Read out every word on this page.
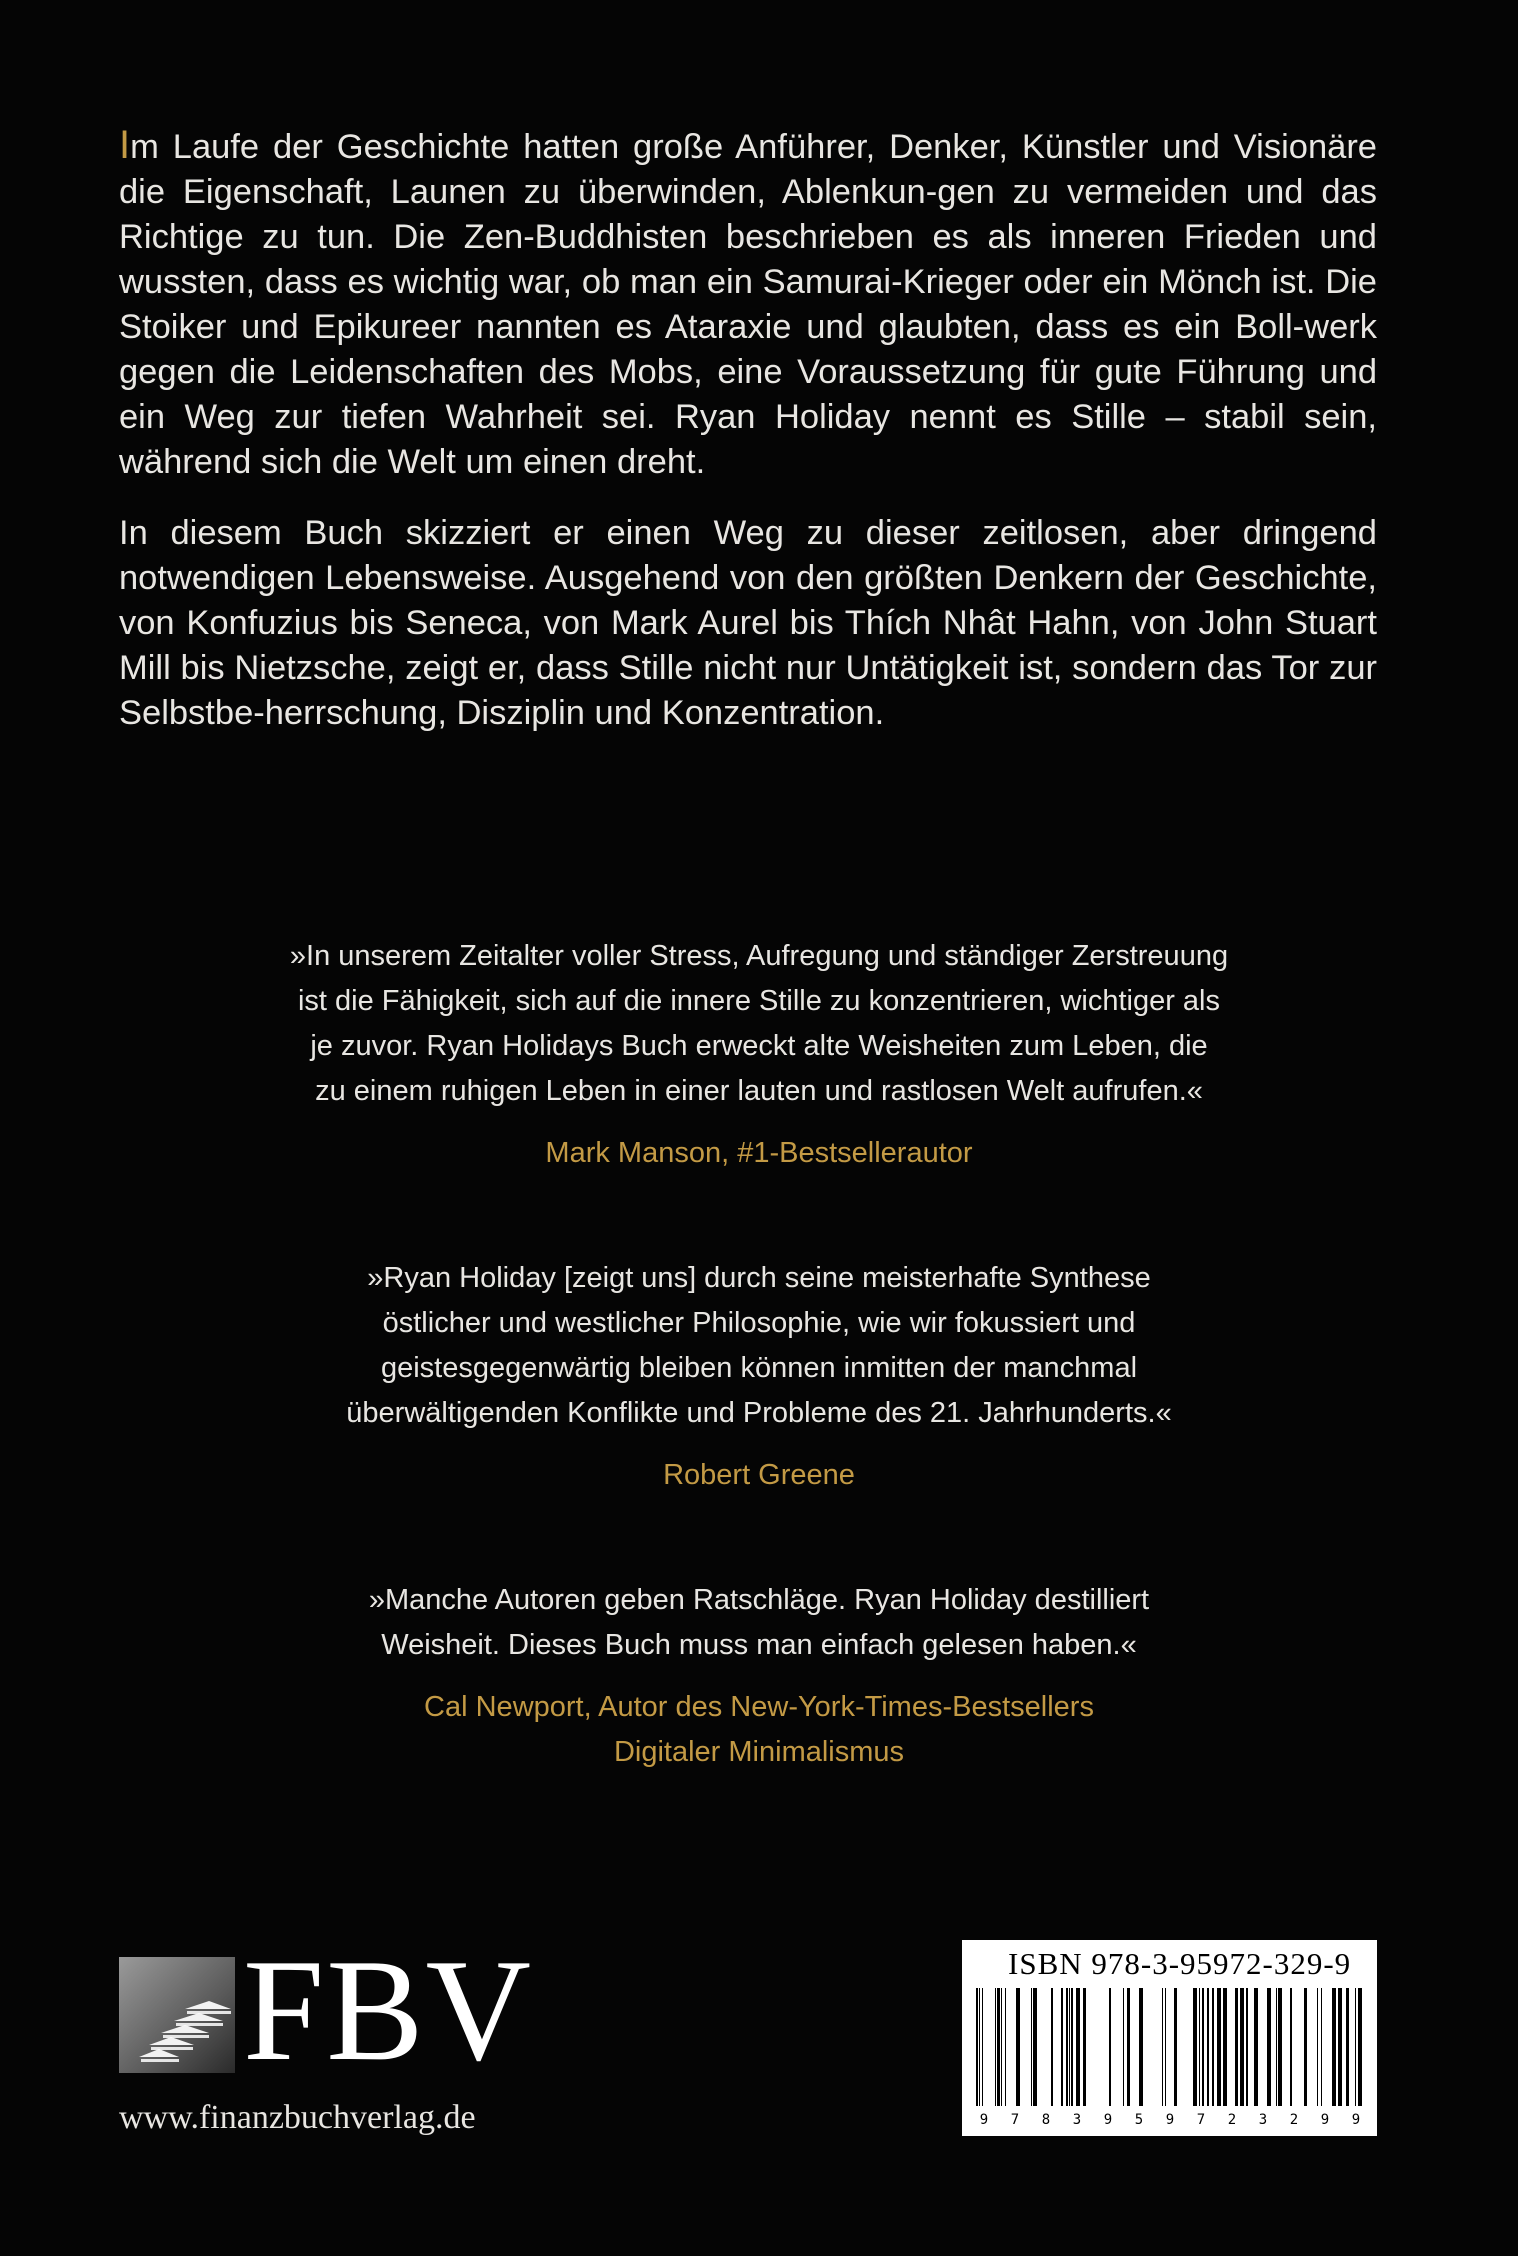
Im Laufe der Geschichte hatten große Anführer, Denker, Künstler und Visionäre die Eigenschaft, Launen zu überwinden, Ablenkun-gen zu vermeiden und das Richtige zu tun. Die Zen-Buddhisten beschrieben es als inneren Frieden und wussten, dass es wichtig war, ob man ein Samurai-Krieger oder ein Mönch ist. Die Stoiker und Epikureer nannten es Ataraxie und glaubten, dass es ein Boll-werk gegen die Leidenschaften des Mobs, eine Voraussetzung für gute Führung und ein Weg zur tiefen Wahrheit sei. Ryan Holiday nennt es Stille – stabil sein, während sich die Welt um einen dreht.

In diesem Buch skizziert er einen Weg zu dieser zeitlosen, aber dringend notwendigen Lebensweise. Ausgehend von den größten Denkern der Geschichte, von Konfuzius bis Seneca, von Mark Aurel bis Thích Nhât Hahn, von John Stuart Mill bis Nietzsche, zeigt er, dass Stille nicht nur Untätigkeit ist, sondern das Tor zur Selbstbe-herrschung, Disziplin und Konzentration.

»In unserem Zeitalter voller Stress, Aufregung und ständiger Zerstreuung
ist die Fähigkeit, sich auf die innere Stille zu konzentrieren, wichtiger als
je zuvor. Ryan Holidays Buch erweckt alte Weisheiten zum Leben, die
zu einem ruhigen Leben in einer lauten und rastlosen Welt aufrufen.«
Mark Manson, #1-Bestsellerautor
»Ryan Holiday [zeigt uns] durch seine meisterhafte Synthese
östlicher und westlicher Philosophie, wie wir fokussiert und
geistesgegenwärtig bleiben können inmitten der manchmal
überwältigenden Konflikte und Probleme des 21. Jahrhunderts.«
Robert Greene
»Manche Autoren geben Ratschläge. Ryan Holiday destilliert
Weisheit. Dieses Buch muss man einfach gelesen haben.«
Cal Newport, Autor des New-York-Times-Bestsellers
Digitaler Minimalismus
FBV
www.finanzbuchverlag.de
ISBN 978-3-95972-329-9
9 7 8 3 9 5 9 7 2 3 2 9 9
